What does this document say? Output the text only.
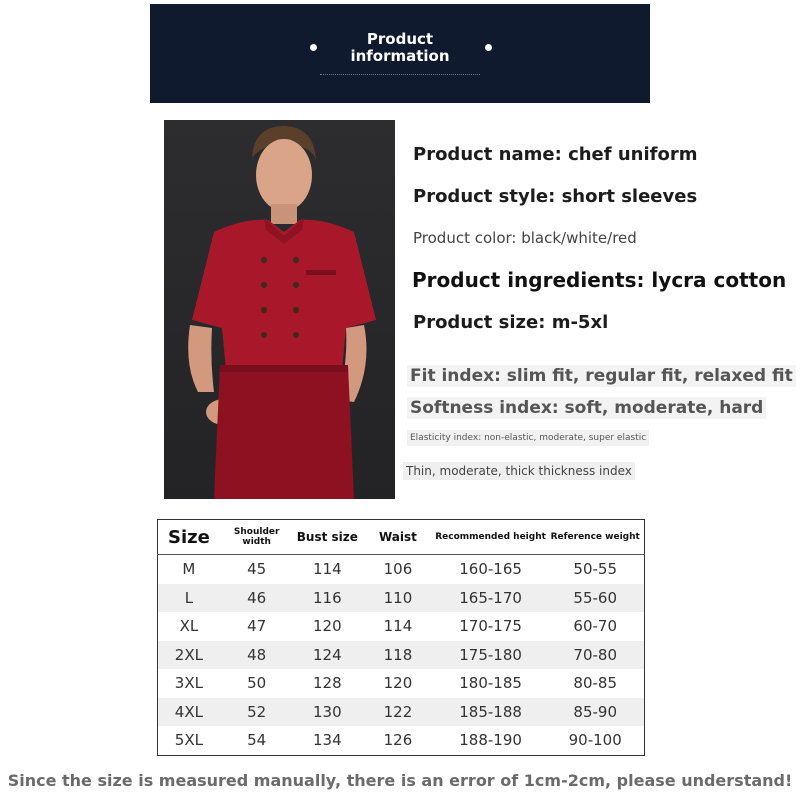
Product
information
Product name: chef uniform
Product style: short sleeves
Product color: black/white/red
Product ingredients: lycra cotton
Product size: m-5xl
Fit index: slim fit, regular fit, relaxed fit
Softness index: soft, moderate, hard
Elasticity index: non-elastic, moderate, super elastic
Thin, moderate, thick thickness index
Size	Shoulder width	Bust size	Waist	Recommended height	Reference weight
M	45	114	106	160-165	50-55
L	46	116	110	165-170	55-60
XL	47	120	114	170-175	60-70
2XL	48	124	118	175-180	70-80
3XL	50	128	120	180-185	80-85
4XL	52	130	122	185-188	85-90
5XL	54	134	126	188-190	90-100
Since the size is measured manually, there is an error of 1cm-2cm, please understand!
